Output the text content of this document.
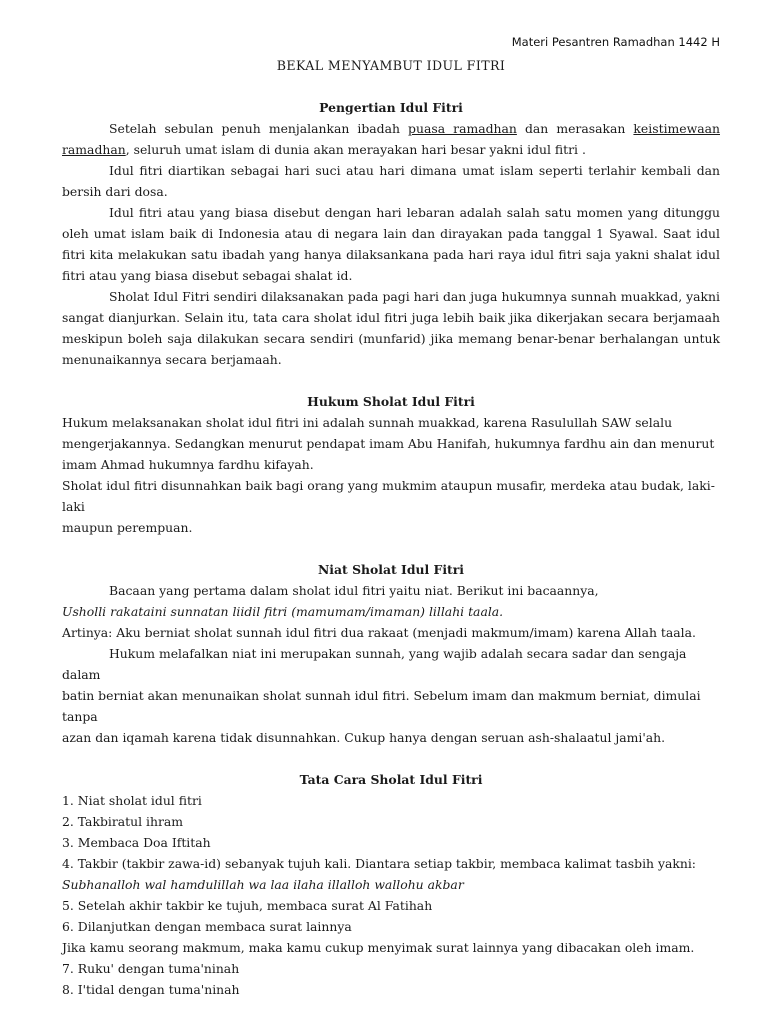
Materi Pesantren Ramadhan 1442 H
BEKAL MENYAMBUT IDUL FITRI
Pengertian Idul Fitri

Setelah sebulan penuh menjalankan ibadah puasa ramadhan dan merasakan keistimewaan ramadhan, seluruh umat islam di dunia akan merayakan hari besar yakni idul fitri .

Idul fitri diartikan sebagai hari suci atau hari dimana umat islam seperti terlahir kembali dan bersih dari dosa.

Idul fitri atau yang biasa disebut dengan hari lebaran adalah salah satu momen yang ditunggu oleh umat islam baik di Indonesia atau di negara lain dan dirayakan pada tanggal 1 Syawal. Saat idul fitri kita melakukan satu ibadah yang hanya dilaksankana pada hari raya idul fitri saja yakni shalat idul fitri atau yang biasa disebut sebagai shalat id.

Sholat Idul Fitri sendiri dilaksanakan pada pagi hari dan juga hukumnya sunnah muakkad, yakni sangat dianjurkan. Selain itu, tata cara sholat idul fitri juga lebih baik jika dikerjakan secara berjamaah meskipun boleh saja dilakukan secara sendiri (munfarid) jika memang benar-benar berhalangan untuk menunaikannya secara berjamaah.

Hukum Sholat Idul Fitri

Hukum melaksanakan sholat idul fitri ini adalah sunnah muakkad, karena Rasulullah SAW selalu

mengerjakannya. Sedangkan menurut pendapat imam Abu Hanifah, hukumnya fardhu ain dan menurut

imam Ahmad hukumnya fardhu kifayah.

Sholat idul fitri disunnahkan baik bagi orang yang mukmim ataupun musafir, merdeka atau budak, laki-laki

maupun perempuan.

Niat Sholat Idul Fitri

Bacaan yang pertama dalam sholat idul fitri yaitu niat. Berikut ini bacaannya,

Usholli rakataini sunnatan liidil fitri (mamumam/imaman) lillahi taala.

Artinya: Aku berniat sholat sunnah idul fitri dua rakaat (menjadi makmum/imam) karena Allah taala.

Hukum melafalkan niat ini merupakan sunnah, yang wajib adalah secara sadar dan sengaja dalam

batin berniat akan menunaikan sholat sunnah idul fitri. Sebelum imam dan makmum berniat, dimulai tanpa

azan dan iqamah karena tidak disunnahkan. Cukup hanya dengan seruan ash-shalaatul jami'ah.

Tata Cara Sholat Idul Fitri
1. Niat sholat idul fitri
2. Takbiratul ihram
3. Membaca Doa Iftitah
4. Takbir (takbir zawa-id) sebanyak tujuh kali. Diantara setiap takbir, membaca kalimat tasbih yakni:
Subhanalloh wal hamdulillah wa laa ilaha illalloh wallohu akbar
5. Setelah akhir takbir ke tujuh, membaca surat Al Fatihah
6. Dilanjutkan dengan membaca surat lainnya
Jika kamu seorang makmum, maka kamu cukup menyimak surat lainnya yang dibacakan oleh imam.
7. Ruku' dengan tuma'ninah
8. I'tidal dengan tuma'ninah
